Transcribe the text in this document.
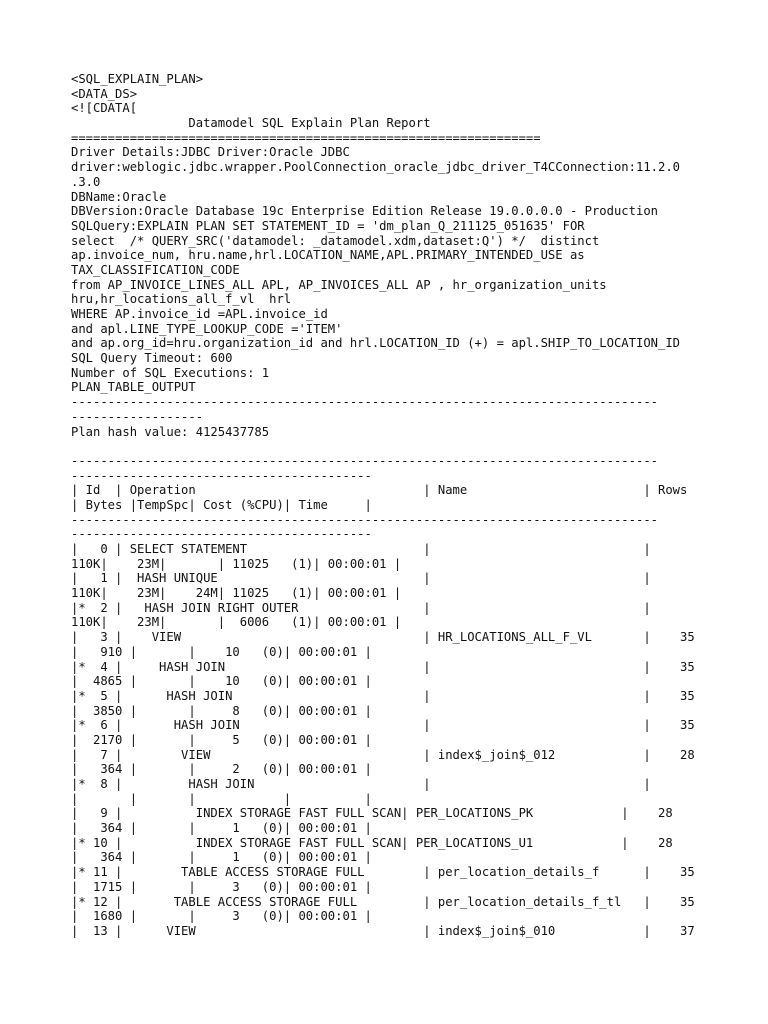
<SQL_EXPLAIN_PLAN>
<DATA_DS>
<![CDATA[
Datamodel SQL Explain Plan Report
================================================================
Driver Details:JDBC Driver:Oracle JDBC
driver:weblogic.jdbc.wrapper.PoolConnection_oracle_jdbc_driver_T4CConnection:11.2.0
.3.0
DBName:Oracle
DBVersion:Oracle Database 19c Enterprise Edition Release 19.0.0.0.0 - Production
SQLQuery:EXPLAIN PLAN SET STATEMENT_ID = 'dm_plan_Q_211125_051635' FOR
select  /* QUERY_SRC('datamodel: _datamodel.xdm,dataset:Q') */  distinct
ap.invoice_num, hru.name,hrl.LOCATION_NAME,APL.PRIMARY_INTENDED_USE as
TAX_CLASSIFICATION_CODE
from AP_INVOICE_LINES_ALL APL, AP_INVOICES_ALL AP , hr_organization_units
hru,hr_locations_all_f_vl  hrl
WHERE AP.invoice_id =APL.invoice_id
and apl.LINE_TYPE_LOOKUP_CODE ='ITEM'
and ap.org_id=hru.organization_id and hrl.LOCATION_ID (+) = apl.SHIP_TO_LOCATION_ID
SQL Query Timeout: 600
Number of SQL Executions: 1
PLAN_TABLE_OUTPUT
--------------------------------------------------------------------------------
------------------
Plan hash value: 4125437785
--------------------------------------------------------------------------------
-----------------------------------------
| Id  | Operation                               | Name                        | Rows
| Bytes |TempSpc| Cost (%CPU)| Time     |
--------------------------------------------------------------------------------
-----------------------------------------
|   0 | SELECT STATEMENT                        |                             |
110K|    23M|       | 11025   (1)| 00:00:01 |
|   1 |  HASH UNIQUE                            |                             |
110K|    23M|    24M| 11025   (1)| 00:00:01 |
|*  2 |   HASH JOIN RIGHT OUTER                 |                             |
110K|    23M|       |  6006   (1)| 00:00:01 |
|   3 |    VIEW                                 | HR_LOCATIONS_ALL_F_VL       |    35
|   910 |       |    10   (0)| 00:00:01 |
|*  4 |     HASH JOIN                           |                             |    35
|  4865 |       |    10   (0)| 00:00:01 |
|*  5 |      HASH JOIN                          |                             |    35
|  3850 |       |     8   (0)| 00:00:01 |
|*  6 |       HASH JOIN                         |                             |    35
|  2170 |       |     5   (0)| 00:00:01 |
|   7 |        VIEW                             | index$_join$_012            |    28
|   364 |       |     2   (0)| 00:00:01 |
|*  8 |         HASH JOIN                       |                             |
|       |       |            |          |
|   9 |          INDEX STORAGE FAST FULL SCAN| PER_LOCATIONS_PK            |    28
|   364 |       |     1   (0)| 00:00:01 |
|* 10 |          INDEX STORAGE FAST FULL SCAN| PER_LOCATIONS_U1            |    28
|   364 |       |     1   (0)| 00:00:01 |
|* 11 |        TABLE ACCESS STORAGE FULL        | per_location_details_f      |    35
|  1715 |       |     3   (0)| 00:00:01 |
|* 12 |       TABLE ACCESS STORAGE FULL         | per_location_details_f_tl   |    35
|  1680 |       |     3   (0)| 00:00:01 |
|  13 |      VIEW                               | index$_join$_010            |    37
